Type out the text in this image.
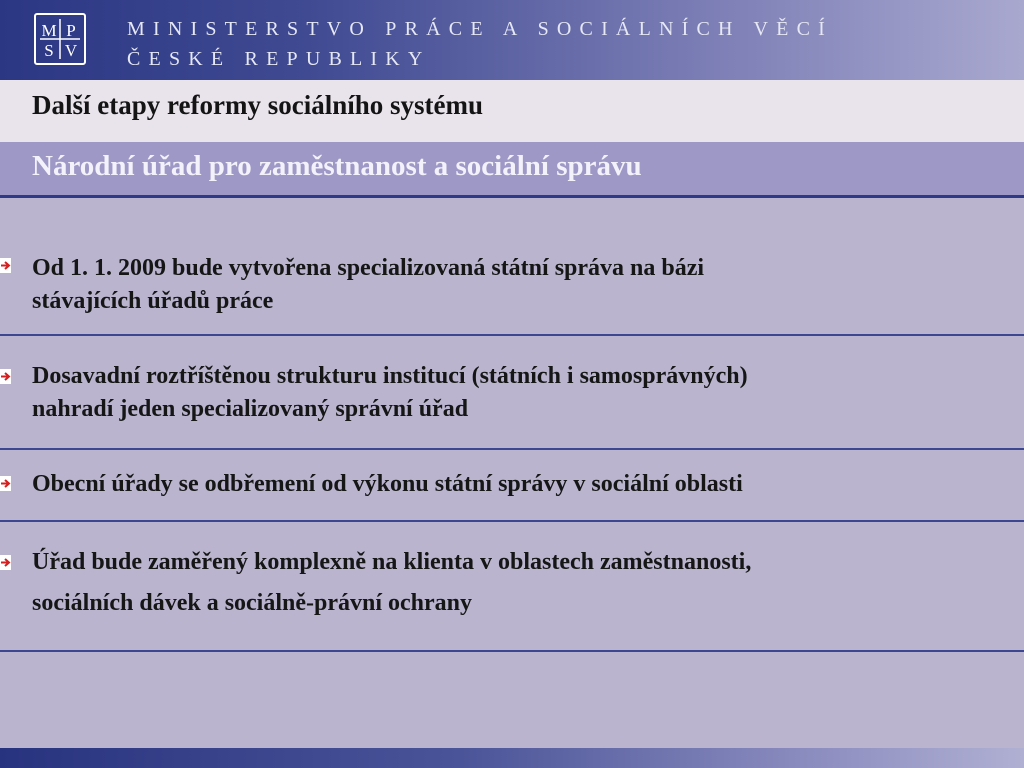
M P
S V
MINISTERSTVO PRÁCE A SOCIÁLNÍCH VĚCÍ
ČESKÉ REPUBLIKY
Další etapy reformy sociálního systému
Národní úřad pro zaměstnanost a sociální správu
Od 1. 1. 2009 bude vytvořena specializovaná státní správa na bázi
stávajících úřadů práce
Dosavadní roztříštěnou strukturu institucí (státních i samosprávných)
nahradí jeden specializovaný správní úřad
Obecní úřady se odbřemení od výkonu státní správy v sociální oblasti
Úřad bude zaměřený komplexně na klienta v oblastech zaměstnanosti,
sociálních dávek a sociálně-právní ochrany
